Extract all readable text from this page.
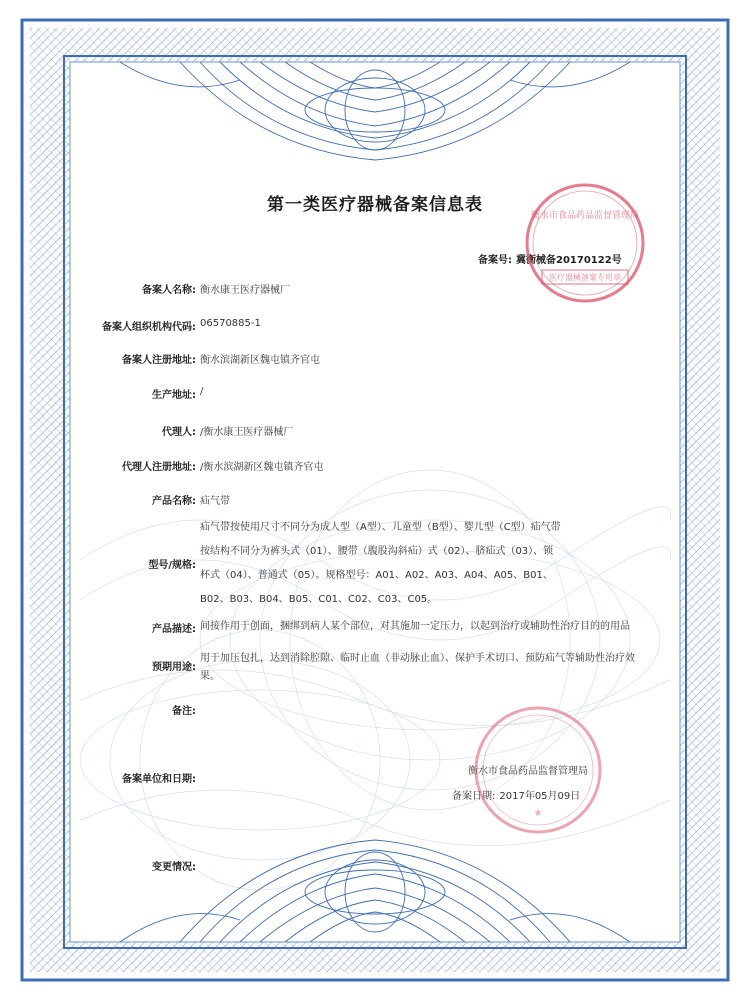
第一类医疗器械备案信息表
备案号: 冀衡械备20170122号
备案人名称: 衡水康王医疗器械厂
备案人组织机构代码: 06570885-1
备案人注册地址: 衡水滨湖新区魏屯镇齐官屯
生产地址: /
代理人: /衡水康王医疗器械厂
代理人注册地址: /衡水滨湖新区魏屯镇齐官屯
产品名称: 疝气带
型号/规格:
疝气带按使用尺寸不同分为成人型（A型）、儿童型（B型）、婴儿型（C型）疝气带
按结构不同分为裤头式（01）、腰带（腹股沟斜疝）式（02）、脐疝式（03）、锁
杯式（04）、普通式（05）。规格型号：A01、A02、A03、A04、A05、B01、
B02、B03、B04、B05、C01、C02、C03、C05。
产品描述: 间接作用于创面，捆绑到病人某个部位，对其施加一定压力，以起到治疗或辅助性治疗目的的用品
预期用途:
用于加压包扎，达到消除腔隙、临时止血（非动脉止血）、保护手术切口、预防疝气等辅助性治疗效
果。
备注:
备案单位和日期:
衡水市食品药品监督管理局
备案日期: 2017年05月09日
变更情况:
医疗器械备案专用章
衡水市食品药品监督管理局
★
